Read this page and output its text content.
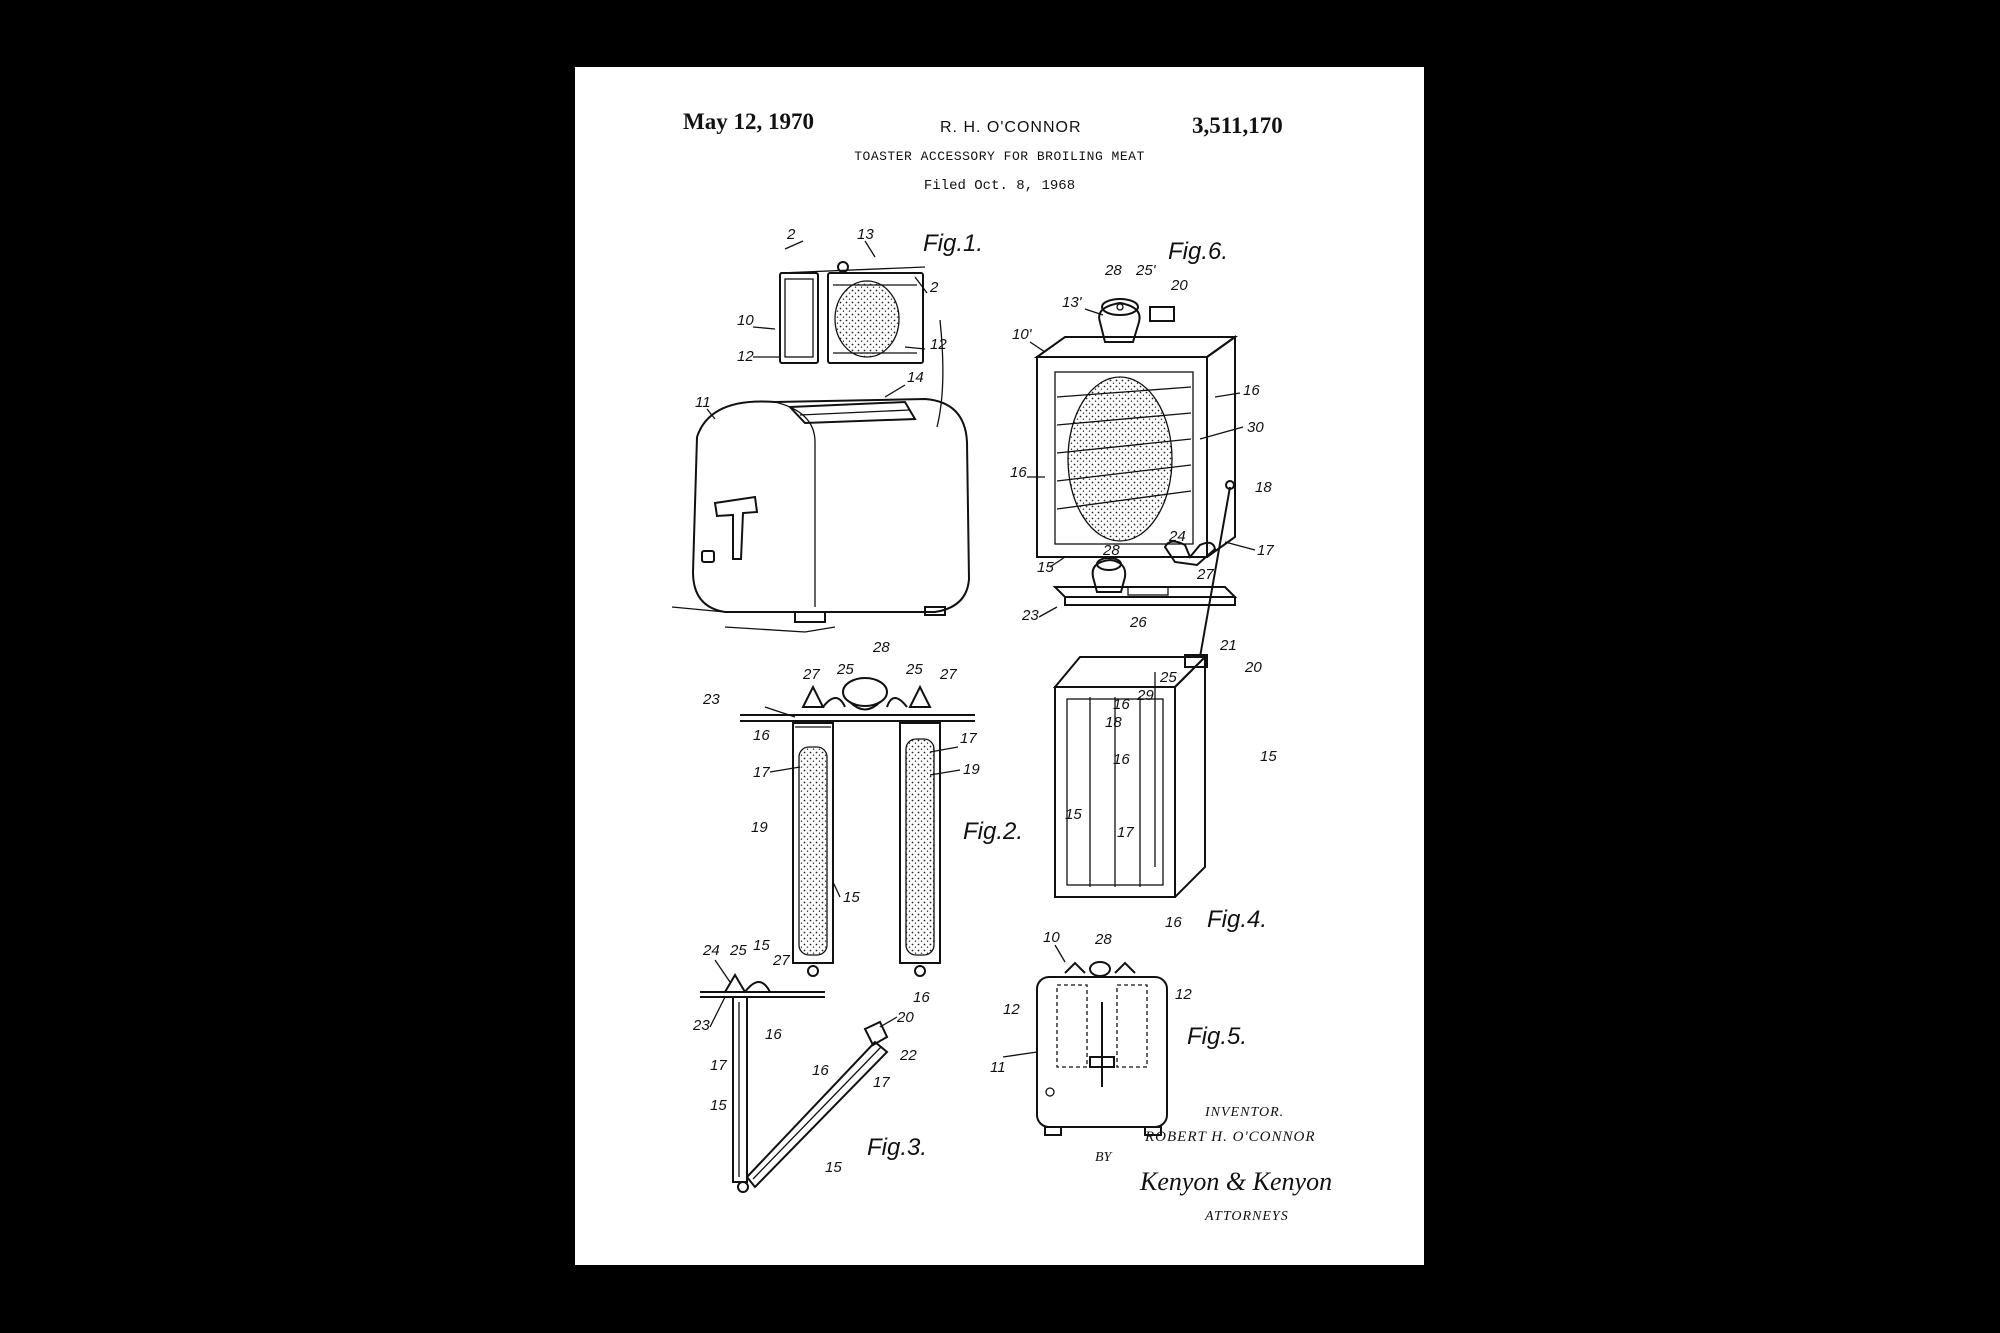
May 12, 1970	R. H. O'CONNOR	3,511,170
TOASTER ACCESSORY FOR BROILING MEAT
Filed Oct. 8, 1968
Fig.1.	Fig.6.
Fig.2.
Fig.4.
Fig.5.
Fig.3.
2	13
2
10
12
12
11
14
28 25'
20
13'
10'
16
30
16
15
18
17
28
24
27
23	26
21
20
25
29
16
18
15
16
15
17
16
27 25
28
25 27
23
16	17
17	19
19
15
15
16
24 25
27
23
16
20
22
17	16
17
15
15
10 28
12
12
11
INVENTOR.
ROBERT H. O'CONNOR
BY
Kenyon & Kenyon
ATTORNEYS
